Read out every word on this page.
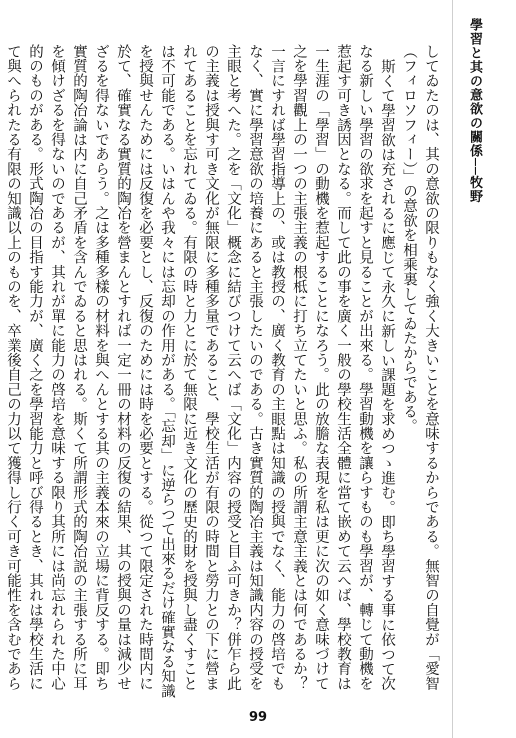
學習と其の意欲の關係──牧野

してゐたのは、其の意欲の限りもなく強く大きいことを意味するからである。無智の自覺が「愛智（フィロソフィー）」の意欲を相乘裏してゐたからである。

斯くて學習欲は充されるに應じて永久に新しい課題を求めつゝ進む。即ち學習する事に依つて次なる新しい學習の欲求を起すと見ることが出來る。學習動機を讓らすものも學習が、轉じて動機を惹起す可き誘因となる。而して此の事を廣く一般の學校生活全體に當て嵌めて云へば、學校教育は一生涯の「學習」の動機を惹起することになろう。此の放膽な表現を私は更に次の如く意味づけて之を學習觀上の一つの主張主義の根柢に打ち立てたいと思ふ。私の所謂主意主義とは何であるか？一言にすれば學習指導上の、或は教授の、廣く教育の主眼點は知識の授與でなく、能力の啓培でもなく、實に學習意欲の培養にあると主張したいのである。古き實質的陶冶主義は知識内容の授受を主眼と考へた。之を「文化」概念に結びつけて云へば「文化」内容の授受と目ふ可きか？併乍ら此の主義は授與す可き文化が無限に多種多量であること、學校生活が有限の時間と勞力との下に營まれてあることを忘れてゐる。有限の時と力とに於て無限に近き文化の歷史的財を授與し盡くすことは不可能である。いはんや我々には忘却の作用がある。「忘却」に逆らつて出來るだけ確實なる知識を授與せんためには反復を必要とし、反復のためには時を必要とする。從つて限定された時間内に於て、確實なる實質的陶冶を營まんとすれば一定一冊の材料の反復の結果、其の授與の量は減少せざるを得ないであらう。之は多種多樣の材料を與へんとする其の主義本來の立場に背反する。即ち實質的陶冶論は内に自己矛盾を含んでゐると思はれる。斯くて所謂形式的陶冶説の主張する所に耳を傾けざるを得ないのであるが、其れが單に能力の啓培を意味する限り其所には尚忘れられた中心的のものがある。形式陶冶の目指す能力が、廣く之を學習能力と呼び得るとき、其れは學校生活にて與へられたる有限の知識以上のものを、卒業後自己の力以て獲得し行く可き可能性を含むであら

99
